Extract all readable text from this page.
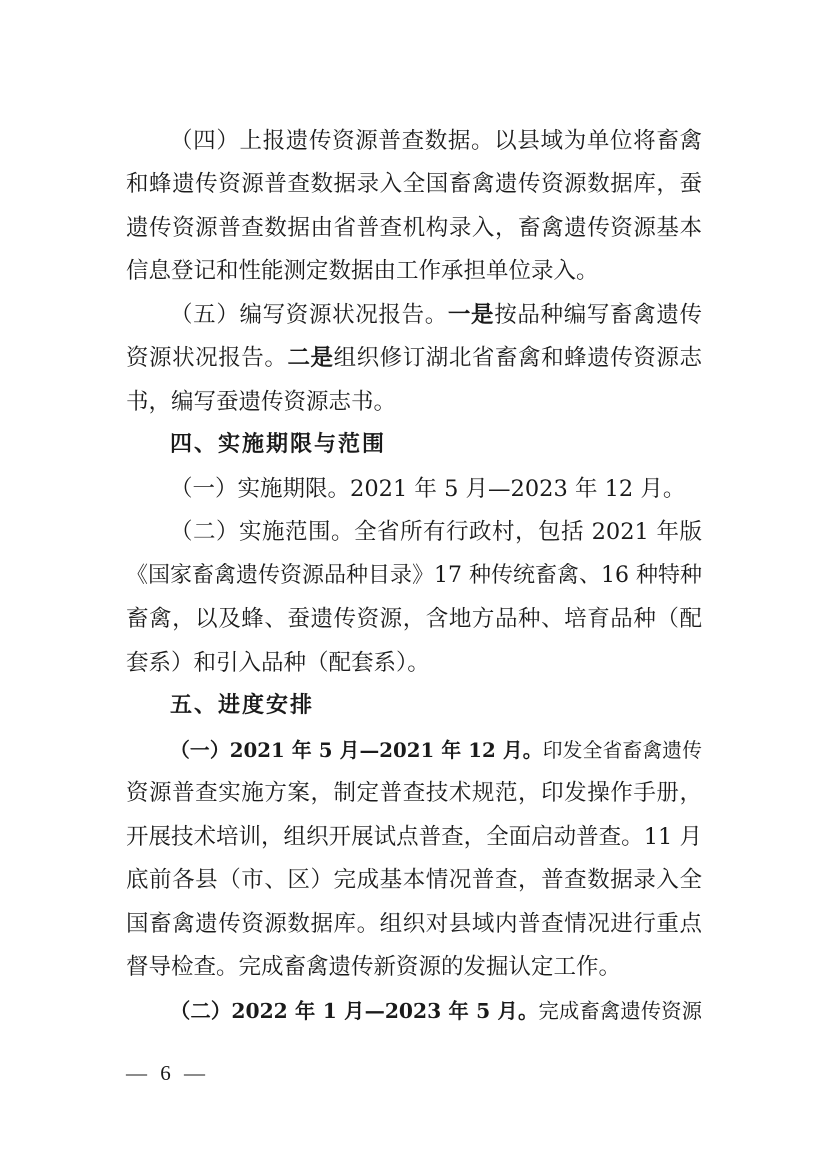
（四）上报遗传资源普查数据。以县域为单位将畜禽
和蜂遗传资源普查数据录入全国畜禽遗传资源数据库，蚕
遗传资源普查数据由省普查机构录入，畜禽遗传资源基本
信息登记和性能测定数据由工作承担单位录入。
（五）编写资源状况报告。一是按品种编写畜禽遗传
资源状况报告。二是组织修订湖北省畜禽和蜂遗传资源志
书，编写蚕遗传资源志书。
四、实施期限与范围
（一）实施期限。2021 年 5 月—2023 年 12 月。
（二）实施范围。全省所有行政村，包括 2021 年版
《国家畜禽遗传资源品种目录》17 种传统畜禽、16 种特种
畜禽，以及蜂、蚕遗传资源，含地方品种、培育品种（配
套系）和引入品种（配套系）。
五、进度安排
（一）2021 年 5 月—2021 年 12 月。印发全省畜禽遗传
资源普查实施方案，制定普查技术规范，印发操作手册，
开展技术培训，组织开展试点普查，全面启动普查。11 月
底前各县（市、区）完成基本情况普查，普查数据录入全
国畜禽遗传资源数据库。组织对县域内普查情况进行重点
督导检查。完成畜禽遗传新资源的发掘认定工作。
（二）2022 年 1 月—2023 年 5 月。完成畜禽遗传资源
— 6 —
